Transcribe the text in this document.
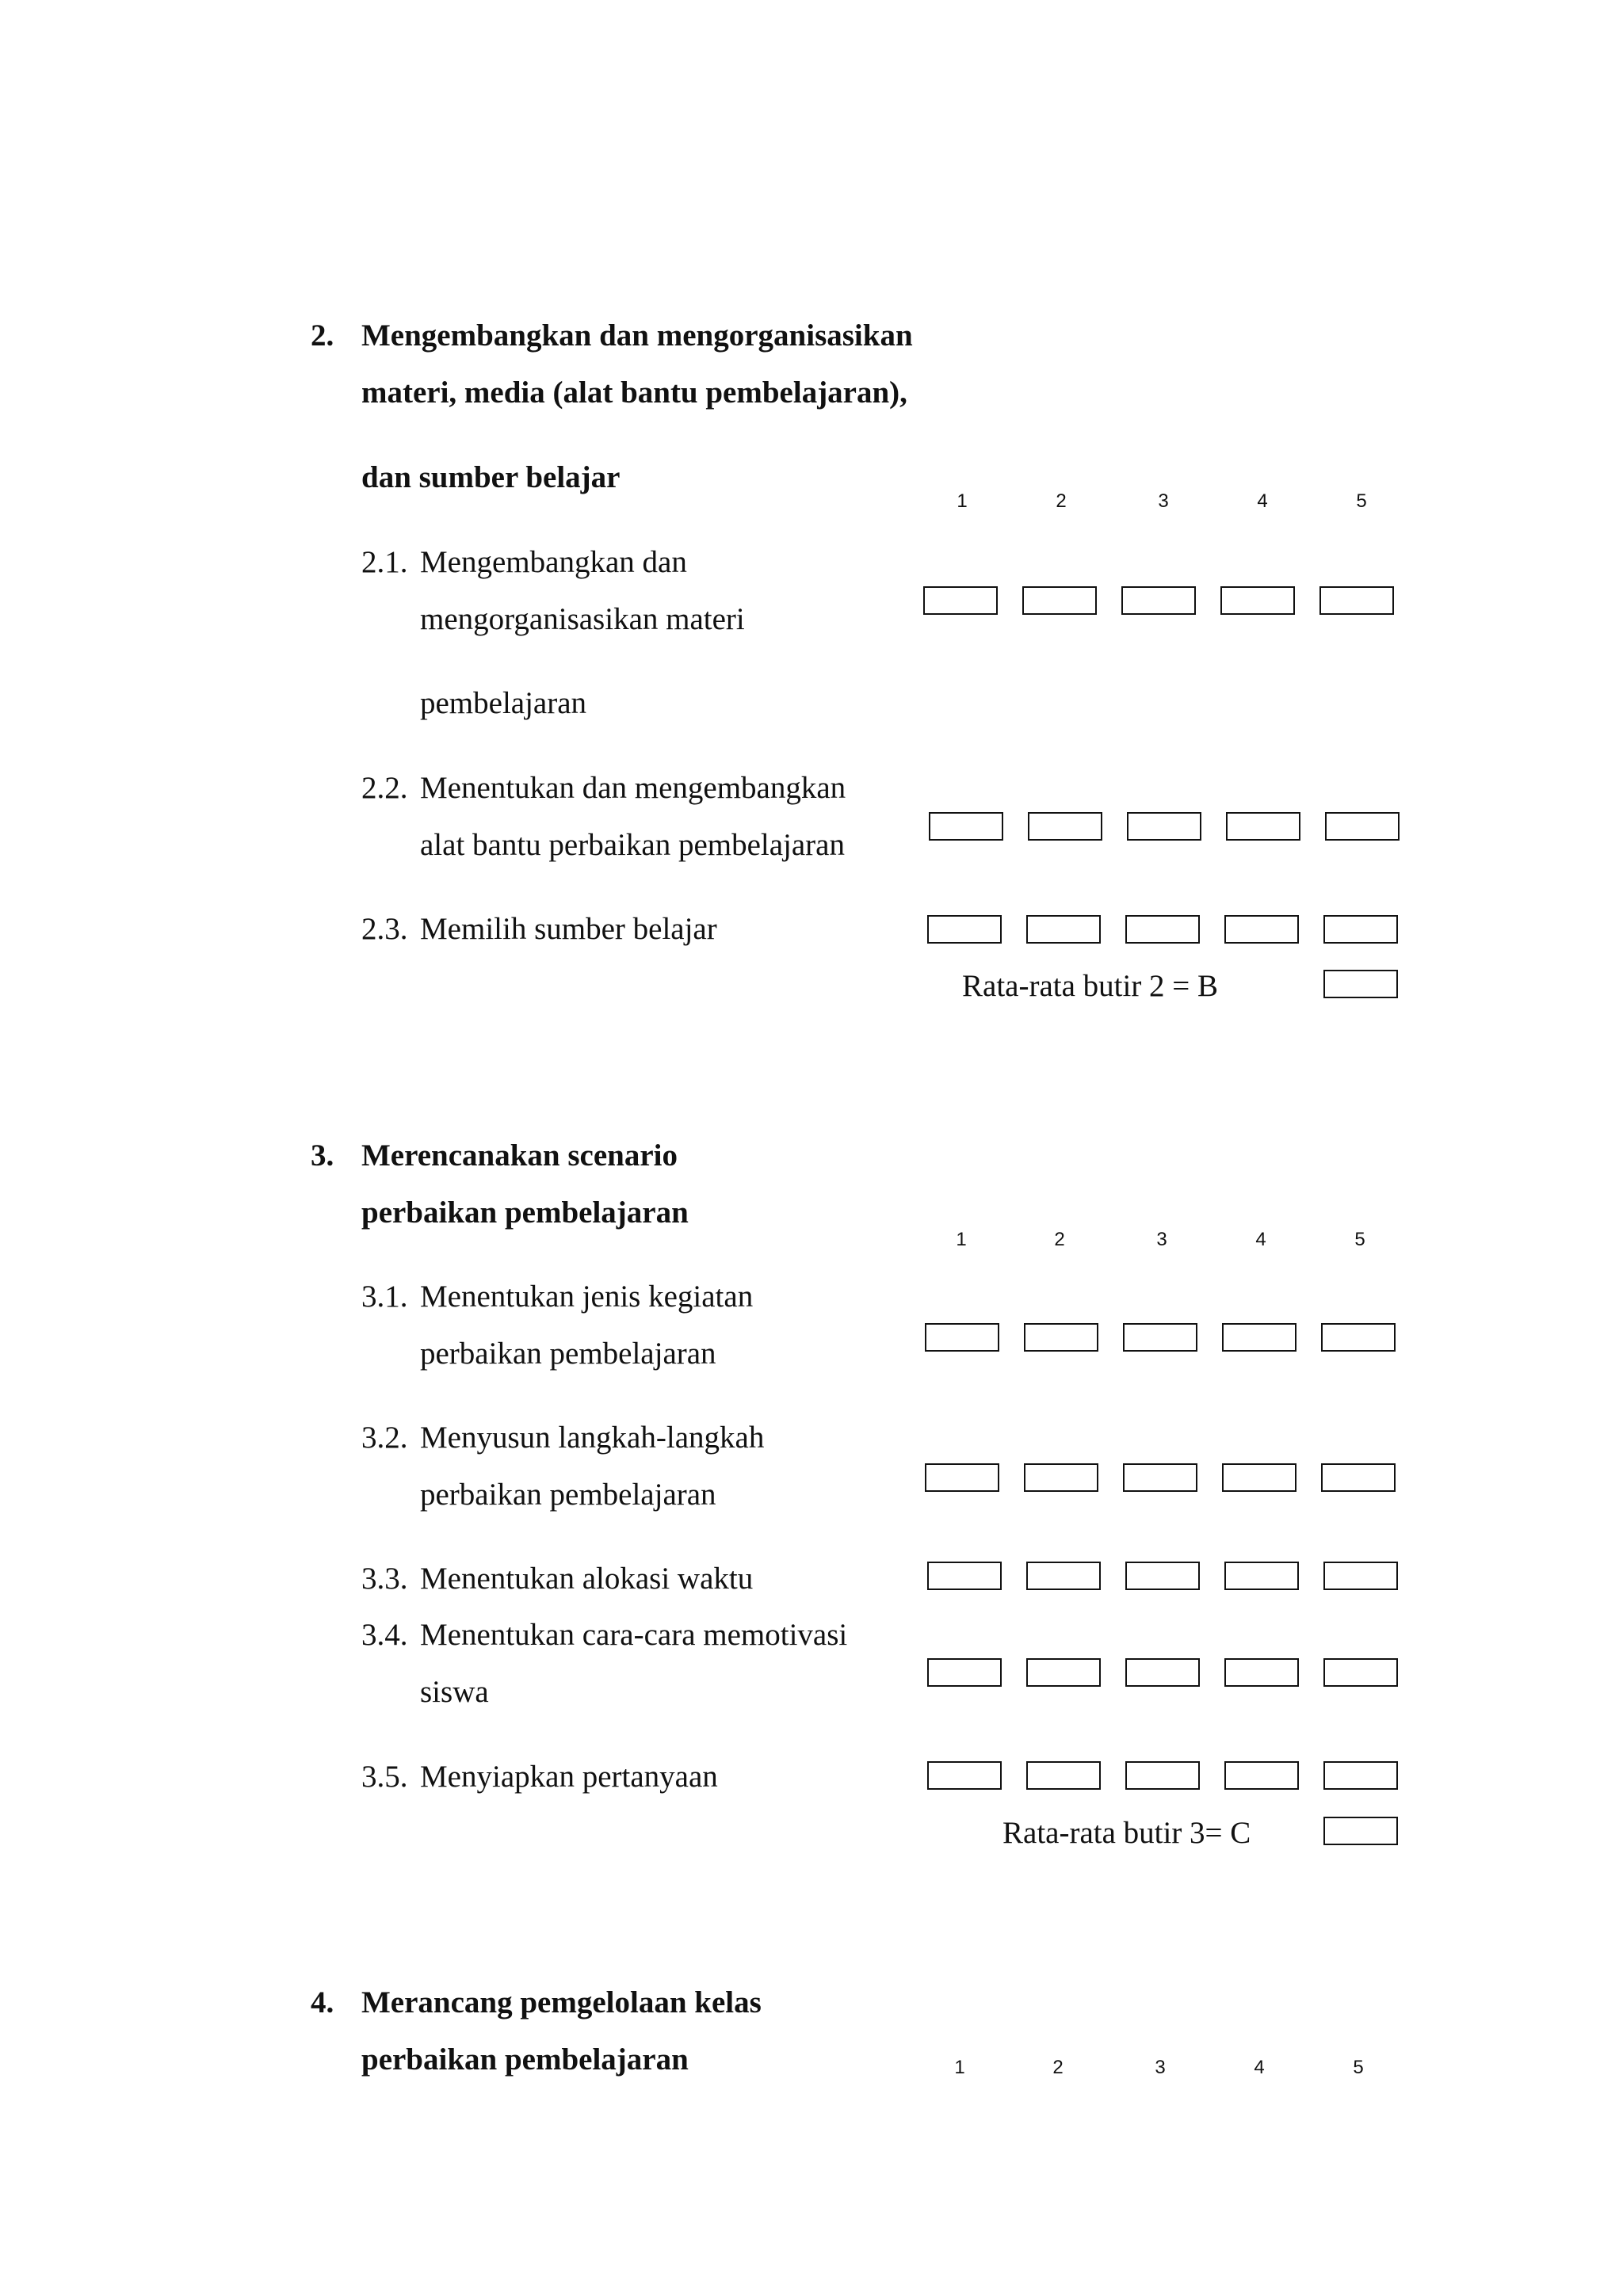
2. Mengembangkan dan mengorganisasikan
materi, media (alat bantu pembelajaran),
dan sumber belajar
1	2	3	4	5
2.1. Mengembangkan dan
mengorganisasikan materi
pembelajaran
2.2. Menentukan dan mengembangkan
alat bantu perbaikan pembelajaran
2.3. Memilih sumber belajar
Rata-rata butir 2 = B
3. Merencanakan scenario
perbaikan pembelajaran
1	2	3	4	5
3.1. Menentukan jenis kegiatan
perbaikan pembelajaran
3.2. Menyusun langkah-langkah
perbaikan pembelajaran
3.3. Menentukan alokasi waktu
3.4. Menentukan cara-cara memotivasi
siswa
3.5. Menyiapkan pertanyaan
Rata-rata butir 3= C
4. Merancang pemgelolaan kelas
perbaikan pembelajaran	1	2	3	4	5
